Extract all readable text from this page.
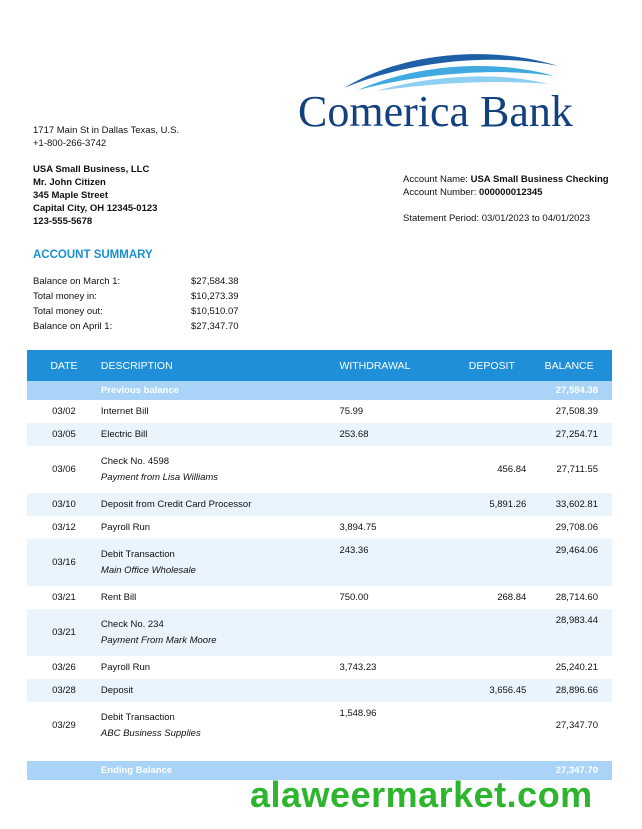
Comerica Bank
1717 Main St in Dallas Texas, U.S.
+1-800-266-3742
USA Small Business, LLC
Mr. John Citizen
345 Maple Street
Capital City, OH 12345-0123
123-555-5678
Account Name: USA Small Business Checking
Account Number: 000000012345
Statement Period: 03/01/2023 to 04/01/2023
ACCOUNT SUMMARY
Balance on March 1:	$27,584.38
Total money in:	$10,273.39
Total money out:	$10,510.07
Balance on April 1:	$27,347.70
DATE	DESCRIPTION	WITHDRAWAL	DEPOSIT	BALANCE
	Previous balance			27,584.38
03/02	Internet Bill	75.99		27,508.39
03/05	Electric Bill	253.68		27,254.71
03/06	Check No. 4598
Payment from Lisa Williams		456.84	27,711.55
03/10	Deposit from Credit Card Processor		5,891.26	33,602.81
03/12	Payroll Run	3,894.75		29,708.06
03/16	Debit Transaction
Main Office Wholesale	243.36		29,464.06
03/21	Rent Bill	750.00	268.84	28,714.60
03/21	Check No. 234
Payment From Mark Moore			28,983.44
03/26	Payroll Run	3,743.23		25,240.21
03/28	Deposit		3,656.45	28,896.66
03/29	Debit Transaction
ABC Business Supplies	1,548.96		27,347.70

	Ending Balance			27,347.70
alaweermarket.com
